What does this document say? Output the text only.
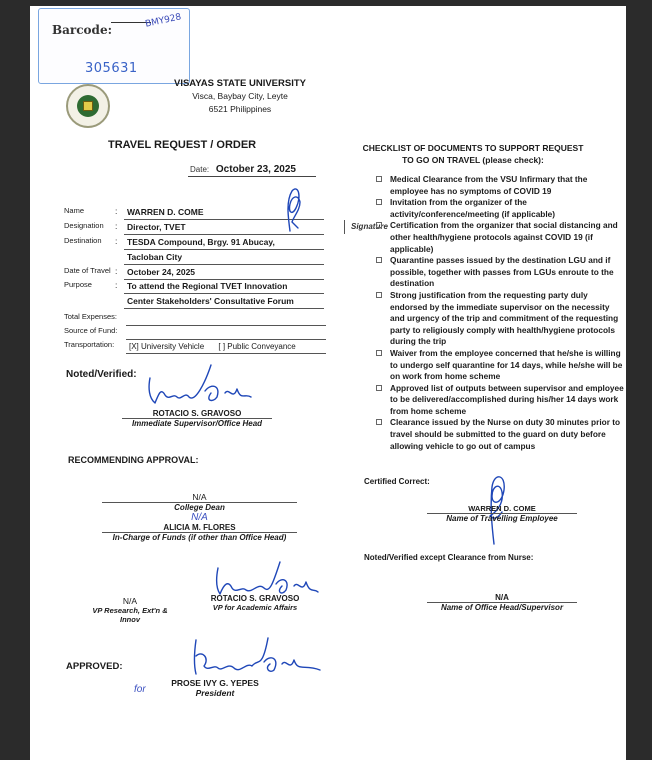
Barcode:
BMY928
305631
VISAYAS STATE UNIVERSITY
Visca, Baybay City, Leyte
6521 Philippines
TRAVEL REQUEST / ORDER
Date: October 23, 2025
Name	:	WARREN D. COME
Designation	:	Director, TVET	Signature
Destination	:	TESDA Compound, Brgy. 91 Abucay,
Tacloban City
Date of Travel :	October 24, 2025
Purpose	:	To attend the Regional TVET Innovation
Center Stakeholders' Consultative Forum
Total Expenses:
Source of Fund:
Transportation:	[X] University Vehicle [ ] Public Conveyance
Noted/Verified:
ROTACIO S. GRAVOSO
Immediate Supervisor/Office Head
RECOMMENDING APPROVAL:
N/A
College Dean
N/A
ALICIA M. FLORES
In-Charge of Funds (if other than Office Head)
N/A
VP Research, Ext'n & Innov
ROTACIO S. GRAVOSO
VP for Academic Affairs
APPROVED:
for
PROSE IVY G. YEPES
President
CHECKLIST OF DOCUMENTS TO SUPPORT REQUEST
TO GO ON TRAVEL (please check):
Medical Clearance from the VSU Infirmary that the employee has no symptoms of COVID 19
Invitation from the organizer of the activity/conference/meeting (if applicable)
Certification from the organizer that social distancing and other health/hygiene protocols against COVID 19 (if applicable)
Quarantine passes issued by the destination LGU and if possible, together with passes from LGUs enroute to the destination
Strong justification from the requesting party duly endorsed by the immediate supervisor on the necessity and urgency of the trip and commitment of the requesting party to religiously comply with health/hygiene protocols during the trip
Waiver from the employee concerned that he/she is willing to undergo self quarantine for 14 days, while he/she will be on work from home scheme
Approved list of outputs between supervisor and employee to be delivered/accomplished during his/her 14 days work from home scheme
Clearance issued by the Nurse on duty 30 minutes prior to travel should be submitted to the guard on duty before allowing vehicle to go out of campus
Certified Correct:
WARREN D. COME
Name of Travelling Employee
Noted/Verified except Clearance from Nurse:
N/A
Name of Office Head/Supervisor
